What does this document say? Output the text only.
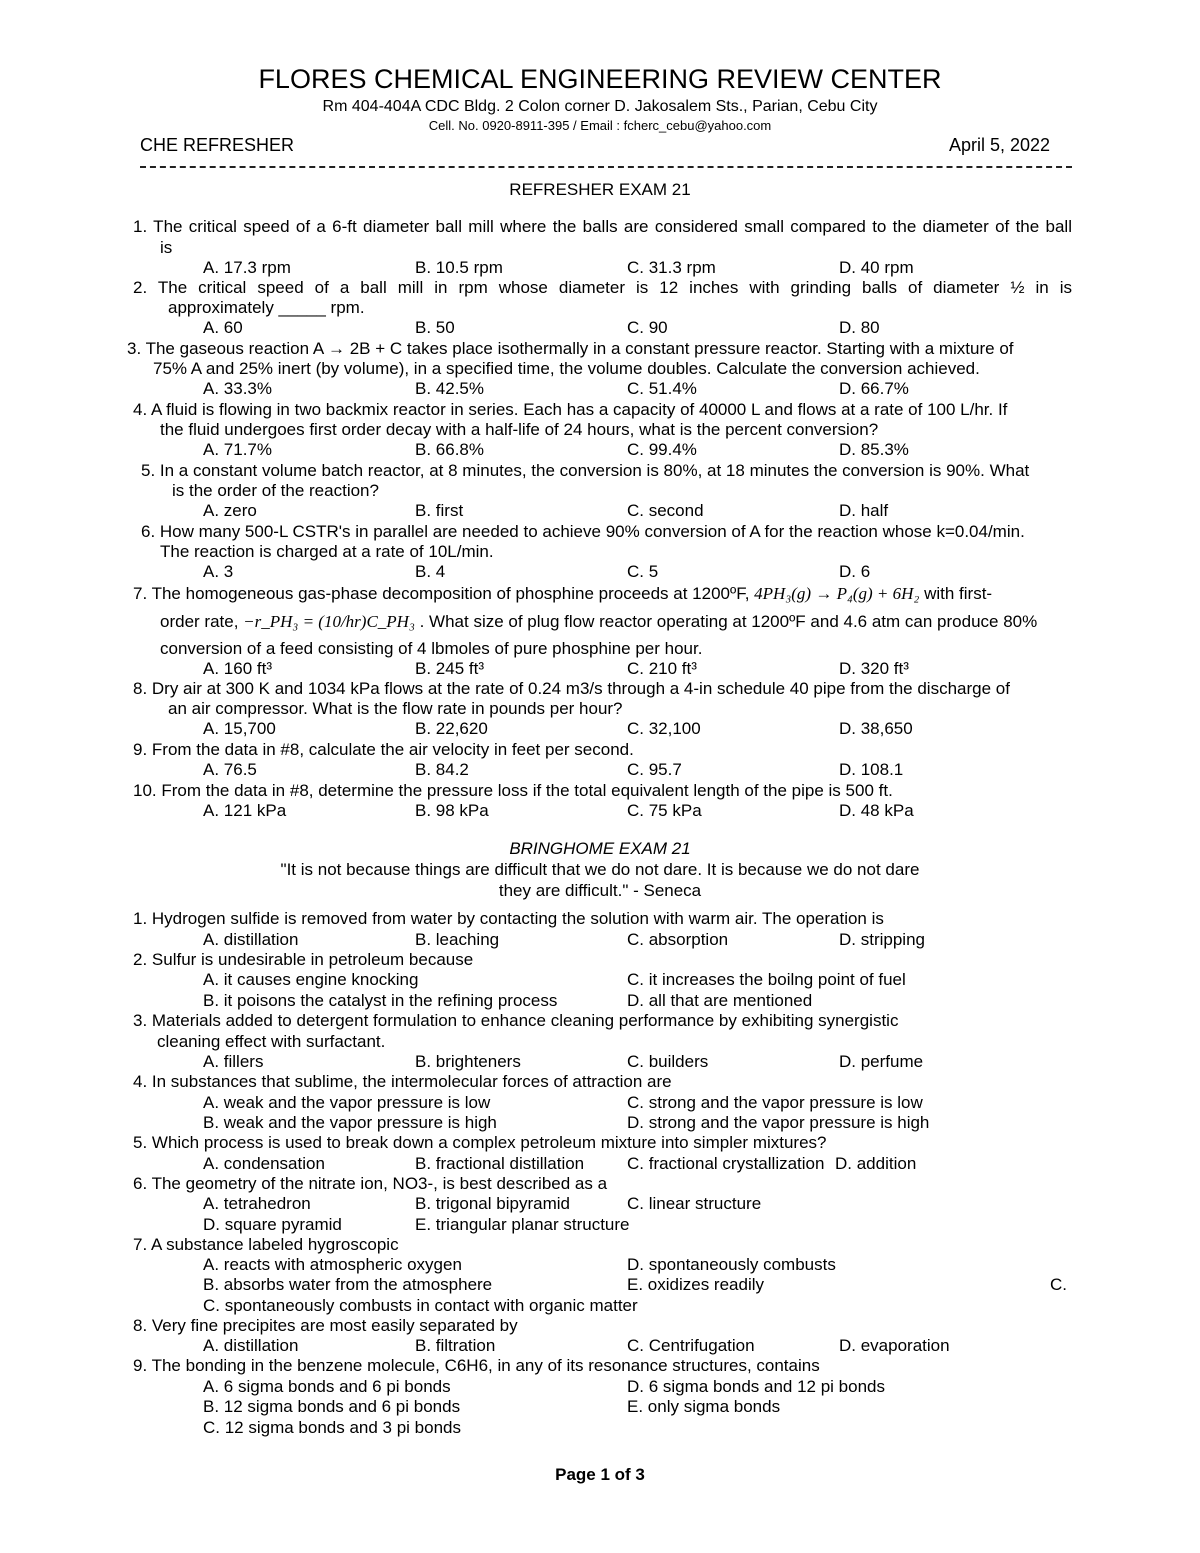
FLORES CHEMICAL ENGINEERING REVIEW CENTER
Rm 404-404A CDC Bldg. 2 Colon corner D. Jakosalem Sts., Parian, Cebu City
Cell. No. 0920-8911-395 / Email : fcherc_cebu@yahoo.com
CHE REFRESHER	April 5, 2022
REFRESHER EXAM 21
1. The critical speed of a 6-ft diameter ball mill where the balls are considered small compared to the diameter of the ball
is
A. 17.3 rpm	B. 10.5 rpm	C. 31.3 rpm	D. 40 rpm
2. The critical speed of a ball mill in rpm whose diameter is 12 inches with grinding balls of diameter ½ in is
approximately _____ rpm.
A. 60	B. 50	C. 90	D. 80
3. The gaseous reaction A → 2B + C takes place isothermally in a constant pressure reactor. Starting with a mixture of
75% A and 25% inert (by volume), in a specified time, the volume doubles. Calculate the conversion achieved.
A. 33.3%	B. 42.5%	C. 51.4%	D. 66.7%
4. A fluid is flowing in two backmix reactor in series. Each has a capacity of 40000 L and flows at a rate of 100 L/hr. If
the fluid undergoes first order decay with a half-life of 24 hours, what is the percent conversion?
A. 71.7%	B. 66.8%	C. 99.4%	D. 85.3%
5. In a constant volume batch reactor, at 8 minutes, the conversion is 80%, at 18 minutes the conversion is 90%. What
is the order of the reaction?
A. zero	B. first	C. second	D. half
6. How many 500-L CSTR's in parallel are needed to achieve 90% conversion of A for the reaction whose k=0.04/min.
The reaction is charged at a rate of 10L/min.
A. 3	B. 4	C. 5	D. 6
7. The homogeneous gas-phase decomposition of phosphine proceeds at 1200ºF, 4PH₃(g) → P₄(g) + 6H₂ with first-
order rate, −r_PH₃ = (10/hr)C_PH₃ . What size of plug flow reactor operating at 1200ºF and 4.6 atm can produce 80%
conversion of a feed consisting of 4 lbmoles of pure phosphine per hour.
A. 160 ft³	B. 245 ft³	C. 210 ft³	D. 320 ft³
8. Dry air at 300 K and 1034 kPa flows at the rate of 0.24 m3/s through a 4-in schedule 40 pipe from the discharge of
an air compressor. What is the flow rate in pounds per hour?
A. 15,700	B. 22,620	C. 32,100	D. 38,650
9. From the data in #8, calculate the air velocity in feet per second.
A. 76.5	B. 84.2	C. 95.7	D. 108.1
10. From the data in #8, determine the pressure loss if the total equivalent length of the pipe is 500 ft.
A. 121 kPa	B. 98 kPa	C. 75 kPa	D. 48 kPa
BRINGHOME EXAM 21
"It is not because things are difficult that we do not dare. It is because we do not dare
they are difficult." - Seneca
1. Hydrogen sulfide is removed from water by contacting the solution with warm air. The operation is
A. distillation	B. leaching	C. absorption	D. stripping
2. Sulfur is undesirable in petroleum because
A. it causes engine knocking	C. it increases the boilng point of fuel
B. it poisons the catalyst in the refining process	D. all that are mentioned
3. Materials added to detergent formulation to enhance cleaning performance by exhibiting synergistic
cleaning effect with surfactant.
A. fillers	B. brighteners	C. builders	D. perfume
4. In substances that sublime, the intermolecular forces of attraction are
A. weak and the vapor pressure is low	C. strong and the vapor pressure is low
B. weak and the vapor pressure is high	D. strong and the vapor pressure is high
5. Which process is used to break down a complex petroleum mixture into simpler mixtures?
A. condensation	B. fractional distillation	C. fractional crystallization D. addition
6. The geometry of the nitrate ion, NO3-, is best described as a
A. tetrahedron	B. trigonal bipyramid	C. linear structure
D. square pyramid	E. triangular planar structure
7. A substance labeled hygroscopic
A. reacts with atmospheric oxygen	D. spontaneously combusts
B. absorbs water from the atmosphere	E. oxidizes readily	C.
C. spontaneously combusts in contact with organic matter
8. Very fine precipites are most easily separated by
A. distillation	B. filtration	C. Centrifugation	D. evaporation
9. The bonding in the benzene molecule, C6H6, in any of its resonance structures, contains
A. 6 sigma bonds and 6 pi bonds	D. 6 sigma bonds and 12 pi bonds
B. 12 sigma bonds and 6 pi bonds	E. only sigma bonds
C. 12 sigma bonds and 3 pi bonds
Page 1 of 3
